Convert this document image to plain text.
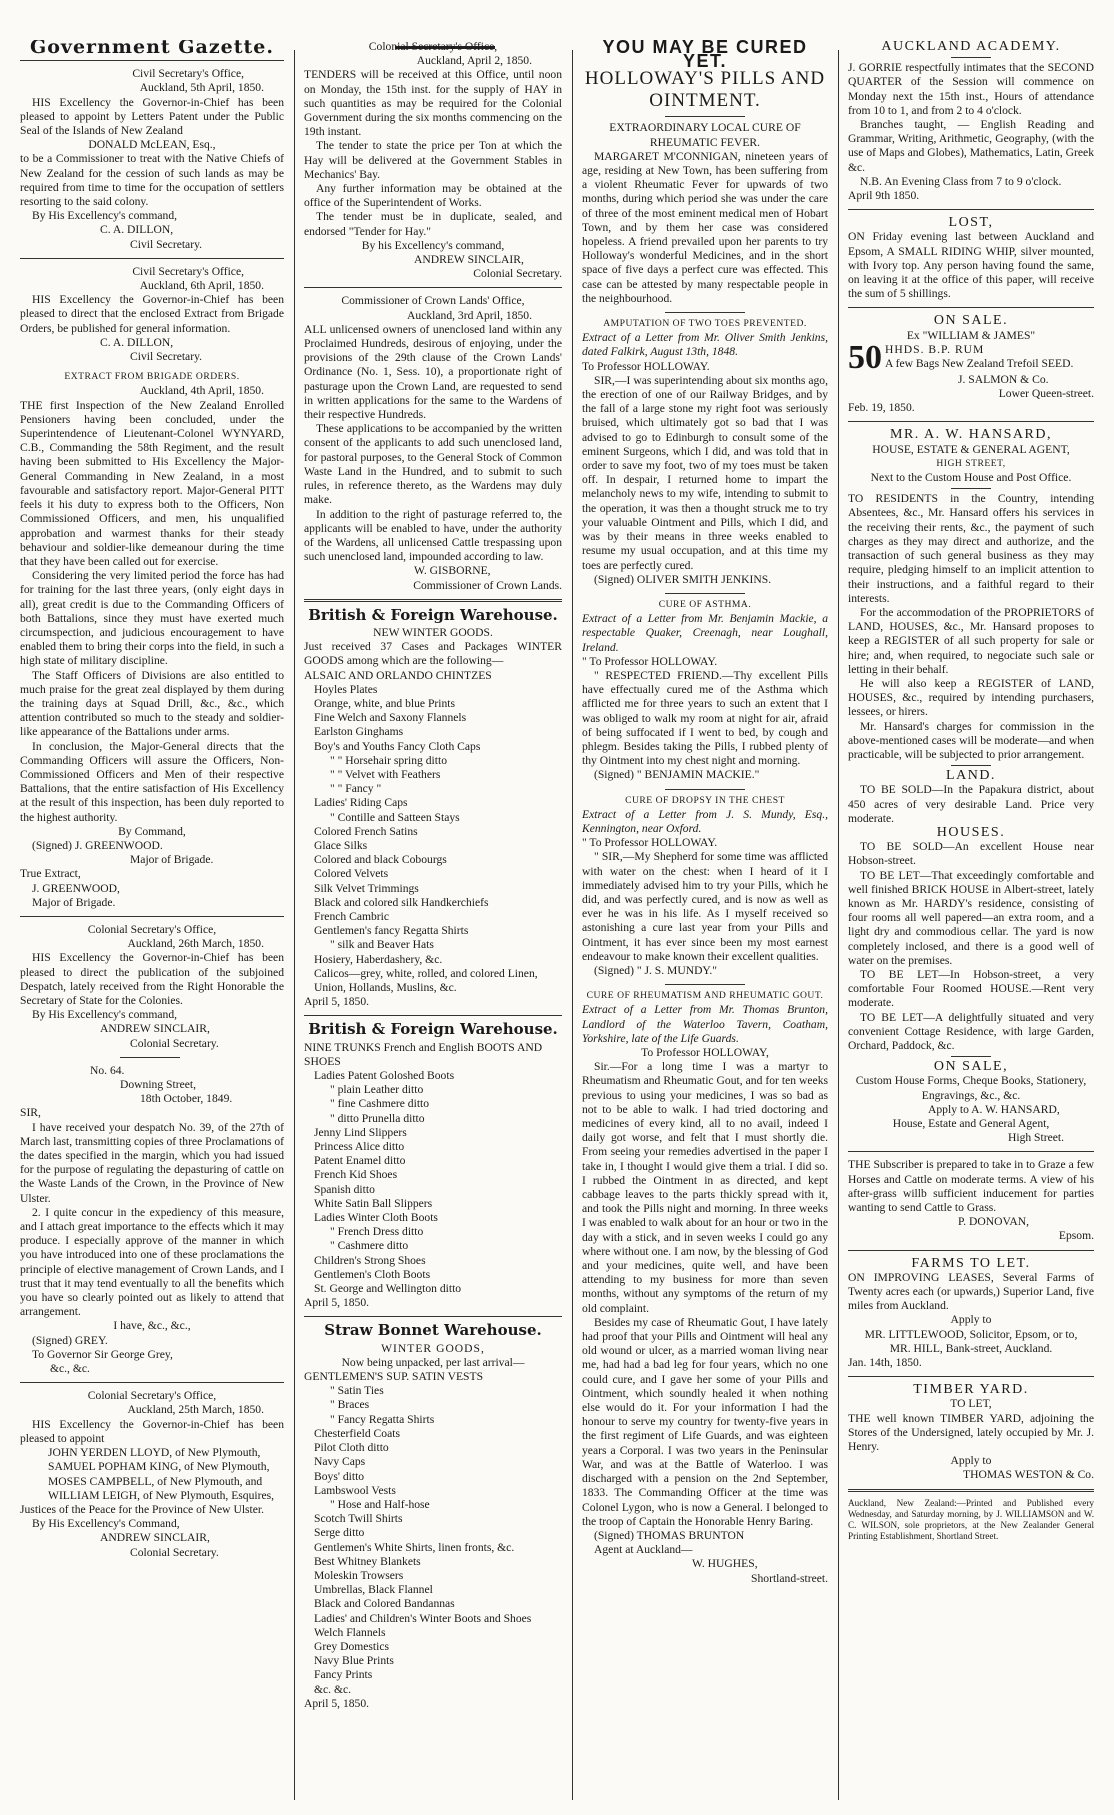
Government Gazette.
Civil Secretary's Office,
Auckland, 5th April, 1850.

HIS Excellency the Governor-in-Chief has been pleased to appoint by Letters Patent under the Public Seal of the Islands of New Zealand

DONALD McLEAN, Esq.,

to be a Commissioner to treat with the Native Chiefs of New Zealand for the cession of such lands as may be required from time to time for the occupation of settlers resorting to the said colony.

By His Excellency's command,
C. A. DILLON,
Civil Secretary.
Civil Secretary's Office,
Auckland, 6th April, 1850.

HIS Excellency the Governor-in-Chief has been pleased to direct that the enclosed Extract from Brigade Orders, be published for general information.

C. A. DILLON,
Civil Secretary.
EXTRACT FROM BRIGADE ORDERS.
Auckland, 4th April, 1850.

THE first Inspection of the New Zealand Enrolled Pensioners having been concluded, under the Superintendence of Lieutenant-Colonel WYNYARD, C.B., Commanding the 58th Regiment, and the result having been submitted to His Excellency the Major-General Commanding in New Zealand, in a most favourable and satisfactory report. Major-General PITT feels it his duty to express both to the Officers, Non Commissioned Officers, and men, his unqualified approbation and warmest thanks for their steady behaviour and soldier-like demeanour during the time that they have been called out for exercise.

Considering the very limited period the force has had for training for the last three years, (only eight days in all), great credit is due to the Commanding Officers of both Battalions, since they must have exerted much circumspection, and judicious encouragement to have enabled them to bring their corps into the field, in such a high state of military discipline.

The Staff Officers of Divisions are also entitled to much praise for the great zeal displayed by them during the training days at Squad Drill, &c., &c., which attention contributed so much to the steady and soldier-like appearance of the Battalions under arms.

In conclusion, the Major-General directs that the Commanding Officers will assure the Officers, Non-Commissioned Officers and Men of their respective Battalions, that the entire satisfaction of His Excellency at the result of this inspection, has been duly reported to the highest authority.

By Command,
(Signed) J. GREENWOOD.
Major of Brigade.
True Extract,
J. GREENWOOD,
Major of Brigade.
Colonial Secretary's Office,
Auckland, 26th March, 1850.

HIS Excellency the Governor-in-Chief has been pleased to direct the publication of the subjoined Despatch, lately received from the Right Honorable the Secretary of State for the Colonies.

By His Excellency's command,
ANDREW SINCLAIR,
Colonial Secretary.
No. 64.
Downing Street,
18th October, 1849.
SIR,

I have received your despatch No. 39, of the 27th of March last, transmitting copies of three Proclamations of the dates specified in the margin, which you had issued for the purpose of regulating the depasturing of cattle on the Waste Lands of the Crown, in the Province of New Ulster.

2. I quite concur in the expediency of this measure, and I attach great importance to the effects which it may produce. I especially approve of the manner in which you have introduced into one of these proclamations the principle of elective management of Crown Lands, and I trust that it may tend eventually to all the benefits which you have so clearly pointed out as likely to attend that arrangement.

I have, &c., &c.,
(Signed) GREY.
To Governor Sir George Grey,
&c., &c.
Colonial Secretary's Office,
Auckland, 25th March, 1850.

HIS Excellency the Governor-in-Chief has been pleased to appoint

JOHN YERDEN LLOYD, of New Plymouth,
SAMUEL POPHAM KING, of New Plymouth,
MOSES CAMPBELL, of New Plymouth, and
WILLIAM LEIGH, of New Plymouth, Esquires,

Justices of the Peace for the Province of New Ulster.

By His Excellency's Command,
ANDREW SINCLAIR,
Colonial Secretary.
Colonial Secretary's Office,
Auckland, April 2, 1850.

TENDERS will be received at this Office, until noon on Monday, the 15th inst. for the supply of HAY in such quantities as may be required for the Colonial Government during the six months commencing on the 19th instant.

The tender to state the price per Ton at which the Hay will be delivered at the Government Stables in Mechanics' Bay.

Any further information may be obtained at the office of the Superintendent of Works.

The tender must be in duplicate, sealed, and endorsed "Tender for Hay."

By his Excellency's command,
ANDREW SINCLAIR,
Colonial Secretary.
Commissioner of Crown Lands' Office,
Auckland, 3rd April, 1850.

ALL unlicensed owners of unenclosed land within any Proclaimed Hundreds, desirous of enjoying, under the provisions of the 29th clause of the Crown Lands' Ordinance (No. 1, Sess. 10), a proportionate right of pasturage upon the Crown Land, are requested to send in written applications for the same to the Wardens of their respective Hundreds.

These applications to be accompanied by the written consent of the applicants to add such unenclosed land, for pastoral purposes, to the General Stock of Common Waste Land in the Hundred, and to submit to such rules, in reference thereto, as the Wardens may duly make.

In addition to the right of pasturage referred to, the applicants will be enabled to have, under the authority of the Wardens, all unlicensed Cattle trespassing upon such unenclosed land, impounded according to law.

W. GISBORNE,
Commissioner of Crown Lands.
British & Foreign Warehouse.
NEW WINTER GOODS.

Just received 37 Cases and Packages WINTER GOODS among which are the following—

ALSAIC AND ORLANDO CHINTZES
Hoyles Plates
Orange, white, and blue Prints
Fine Welch and Saxony Flannels
Earlston Ginghams
Boy's and Youths Fancy Cloth Caps
" " Horsehair spring ditto
" " Velvet with Feathers
" " Fancy "
Ladies' Riding Caps
" Contille and Satteen Stays
Colored French Satins
Glace Silks
Colored and black Cobourgs
Colored Velvets
Silk Velvet Trimmings
Black and colored silk Handkerchiefs
French Cambric
Gentlemen's fancy Regatta Shirts
" silk and Beaver Hats
Hosiery, Haberdashery, &c.
Calicos—grey, white, rolled, and colored Linen, Union, Hollands, Muslins, &c.
April 5, 1850.
British & Foreign Warehouse.
NINE TRUNKS French and English BOOTS AND SHOES
Ladies Patent Goloshed Boots
" plain Leather ditto
" fine Cashmere ditto
" ditto Prunella ditto
Jenny Lind Slippers
Princess Alice ditto
Patent Enamel ditto
French Kid Shoes
Spanish ditto
White Satin Ball Slippers
Ladies Winter Cloth Boots
" French Dress ditto
" Cashmere ditto
Children's Strong Shoes
Gentlemen's Cloth Boots
St. George and Wellington ditto
April 5, 1850.
Straw Bonnet Warehouse.
WINTER GOODS,
Now being unpacked, per last arrival—
GENTLEMEN'S SUP. SATIN VESTS
" Satin Ties
" Braces
" Fancy Regatta Shirts
Chesterfield Coats
Pilot Cloth ditto
Navy Caps
Boys' ditto
Lambswool Vests
" Hose and Half-hose
Scotch Twill Shirts
Serge ditto
Gentlemen's White Shirts, linen fronts, &c.
Best Whitney Blankets
Moleskin Trowsers
Umbrellas, Black Flannel
Black and Colored Bandannas
Ladies' and Children's Winter Boots and Shoes
Welch Flannels
Grey Domestics
Navy Blue Prints
Fancy Prints
&c. &c.
April 5, 1850.
YOU MAY BE CURED YET.
HOLLOWAY'S PILLS AND OINTMENT.
EXTRAORDINARY LOCAL CURE OF RHEUMATIC FEVER.

MARGARET M'CONNIGAN, nineteen years of age, residing at New Town, has been suffering from a violent Rheumatic Fever for upwards of two months, during which period she was under the care of three of the most eminent medical men of Hobart Town, and by them her case was considered hopeless. A friend prevailed upon her parents to try Holloway's wonderful Medicines, and in the short space of five days a perfect cure was effected. This case can be attested by many respectable people in the neighbourhood.

AMPUTATION OF TWO TOES PREVENTED.

Extract of a Letter from Mr. Oliver Smith Jenkins, dated Falkirk, August 13th, 1848.

To Professor HOLLOWAY.

SIR,—I was superintending about six months ago, the erection of one of our Railway Bridges, and by the fall of a large stone my right foot was seriously bruised, which ultimately got so bad that I was advised to go to Edinburgh to consult some of the eminent Surgeons, which I did, and was told that in order to save my foot, two of my toes must be taken off. In despair, I returned home to impart the melancholy news to my wife, intending to submit to the operation, it was then a thought struck me to try your valuable Ointment and Pills, which I did, and was by their means in three weeks enabled to resume my usual occupation, and at this time my toes are perfectly cured.

(Signed) OLIVER SMITH JENKINS.
CURE OF ASTHMA.

Extract of a Letter from Mr. Benjamin Mackie, a respectable Quaker, Creenagh, near Loughall, Ireland.

" To Professor HOLLOWAY.

" RESPECTED FRIEND.—Thy excellent Pills have effectually cured me of the Asthma which afflicted me for three years to such an extent that I was obliged to walk my room at night for air, afraid of being suffocated if I went to bed, by cough and phlegm. Besides taking the Pills, I rubbed plenty of thy Ointment into my chest night and morning.

(Signed) " BENJAMIN MACKIE."
CURE OF DROPSY IN THE CHEST

Extract of a Letter from J. S. Mundy, Esq., Kennington, near Oxford.

" To Professor HOLLOWAY.

" SIR,—My Shepherd for some time was afflicted with water on the chest: when I heard of it I immediately advised him to try your Pills, which he did, and was perfectly cured, and is now as well as ever he was in his life. As I myself received so astonishing a cure last year from your Pills and Ointment, it has ever since been my most earnest endeavour to make known their excellent qualities.

(Signed) " J. S. MUNDY."
CURE OF RHEUMATISM AND RHEUMATIC GOUT.

Extract of a Letter from Mr. Thomas Brunton, Landlord of the Waterloo Tavern, Coatham, Yorkshire, late of the Life Guards.

To Professor HOLLOWAY,

Sir.—For a long time I was a martyr to Rheumatism and Rheumatic Gout, and for ten weeks previous to using your medicines, I was so bad as not to be able to walk. I had tried doctoring and medicines of every kind, all to no avail, indeed I daily got worse, and felt that I must shortly die. From seeing your remedies advertised in the paper I take in, I thought I would give them a trial. I did so. I rubbed the Ointment in as directed, and kept cabbage leaves to the parts thickly spread with it, and took the Pills night and morning. In three weeks I was enabled to walk about for an hour or two in the day with a stick, and in seven weeks I could go any where without one. I am now, by the blessing of God and your medicines, quite well, and have been attending to my business for more than seven months, without any symptoms of the return of my old complaint.

Besides my case of Rheumatic Gout, I have lately had proof that your Pills and Ointment will heal any old wound or ulcer, as a married woman living near me, had had a bad leg for four years, which no one could cure, and I gave her some of your Pills and Ointment, which soundly healed it when nothing else would do it. For your information I had the honour to serve my country for twenty-five years in the first regiment of Life Guards, and was eighteen years a Corporal. I was two years in the Peninsular War, and was at the Battle of Waterloo. I was discharged with a pension on the 2nd September, 1833. The Commanding Officer at the time was Colonel Lygon, who is now a General. I belonged to the troop of Captain the Honorable Henry Baring.

(Signed) THOMAS BRUNTON
Agent at Auckland—
W. HUGHES,
Shortland-street.
AUCKLAND ACADEMY.

J. GORRIE respectfully intimates that the SECOND QUARTER of the Session will commence on Monday next the 15th inst., Hours of attendance from 10 to 1, and from 2 to 4 o'clock.

Branches taught, — English Reading and Grammar, Writing, Arithmetic, Geography, (with the use of Maps and Globes), Mathematics, Latin, Greek &c.

N.B. An Evening Class from 7 to 9 o'clock.

April 9th 1850.
LOST,

ON Friday evening last between Auckland and Epsom, A SMALL RIDING WHIP, silver mounted, with Ivory top. Any person having found the same, on leaving it at the office of this paper, will receive the sum of 5 shillings.

ON SALE.
Ex "WILLIAM & JAMES"
50 HHDS. B.P. RUM
A few Bags New Zealand Trefoil SEED.
J. SALMON & Co.
Lower Queen-street.
Feb. 19, 1850.
MR. A. W. HANSARD,
HOUSE, ESTATE & GENERAL AGENT,
HIGH STREET,
Next to the Custom House and Post Office.

TO RESIDENTS in the Country, intending Absentees, &c., Mr. Hansard offers his services in the receiving their rents, &c., the payment of such charges as they may direct and authorize, and the transaction of such general business as they may require, pledging himself to an implicit attention to their instructions, and a faithful regard to their interests.

For the accommodation of the PROPRIETORS of LAND, HOUSES, &c., Mr. Hansard proposes to keep a REGISTER of all such property for sale or hire; and, when required, to negociate such sale or letting in their behalf.

He will also keep a REGISTER of LAND, HOUSES, &c., required by intending purchasers, lessees, or hirers.

Mr. Hansard's charges for commission in the above-mentioned cases will be moderate—and when practicable, will be subjected to prior arrangement.

LAND.

TO BE SOLD—In the Papakura district, about 450 acres of very desirable Land. Price very moderate.

HOUSES.

TO BE SOLD—An excellent House near Hobson-street.

TO BE LET—That exceedingly comfortable and well finished BRICK HOUSE in Albert-street, lately known as Mr. HARDY's residence, consisting of four rooms all well papered—an extra room, and a light dry and commodious cellar. The yard is now completely inclosed, and there is a good well of water on the premises.

TO BE LET—In Hobson-street, a very comfortable Four Roomed HOUSE.—Rent very moderate.

TO BE LET—A delightfully situated and very convenient Cottage Residence, with large Garden, Orchard, Paddock, &c.

ON SALE,
Custom House Forms, Cheque Books, Stationery, Engravings, &c., &c.
Apply to A. W. HANSARD,
House, Estate and General Agent,
High Street.

THE Subscriber is prepared to take in to Graze a few Horses and Cattle on moderate terms. A view of his after-grass willb sufficient inducement for parties wanting to send Cattle to Grass.

P. DONOVAN,
Epsom.
FARMS TO LET.

ON IMPROVING LEASES, Several Farms of Twenty acres each (or upwards,) Superior Land, five miles from Auckland.

Apply to
MR. LITTLEWOOD, Solicitor, Epsom, or to,
MR. HILL, Bank-street, Auckland.
Jan. 14th, 1850.
TIMBER YARD.
TO LET,

THE well known TIMBER YARD, adjoining the Stores of the Undersigned, lately occupied by Mr. J. Henry.

Apply to
THOMAS WESTON & Co.

Auckland, New Zealand:—Printed and Published every Wednesday, and Saturday morning, by J. WILLIAMSON and W. C. WILSON, sole proprietors, at the New Zealander General Printing Establishment, Shortland Street.
